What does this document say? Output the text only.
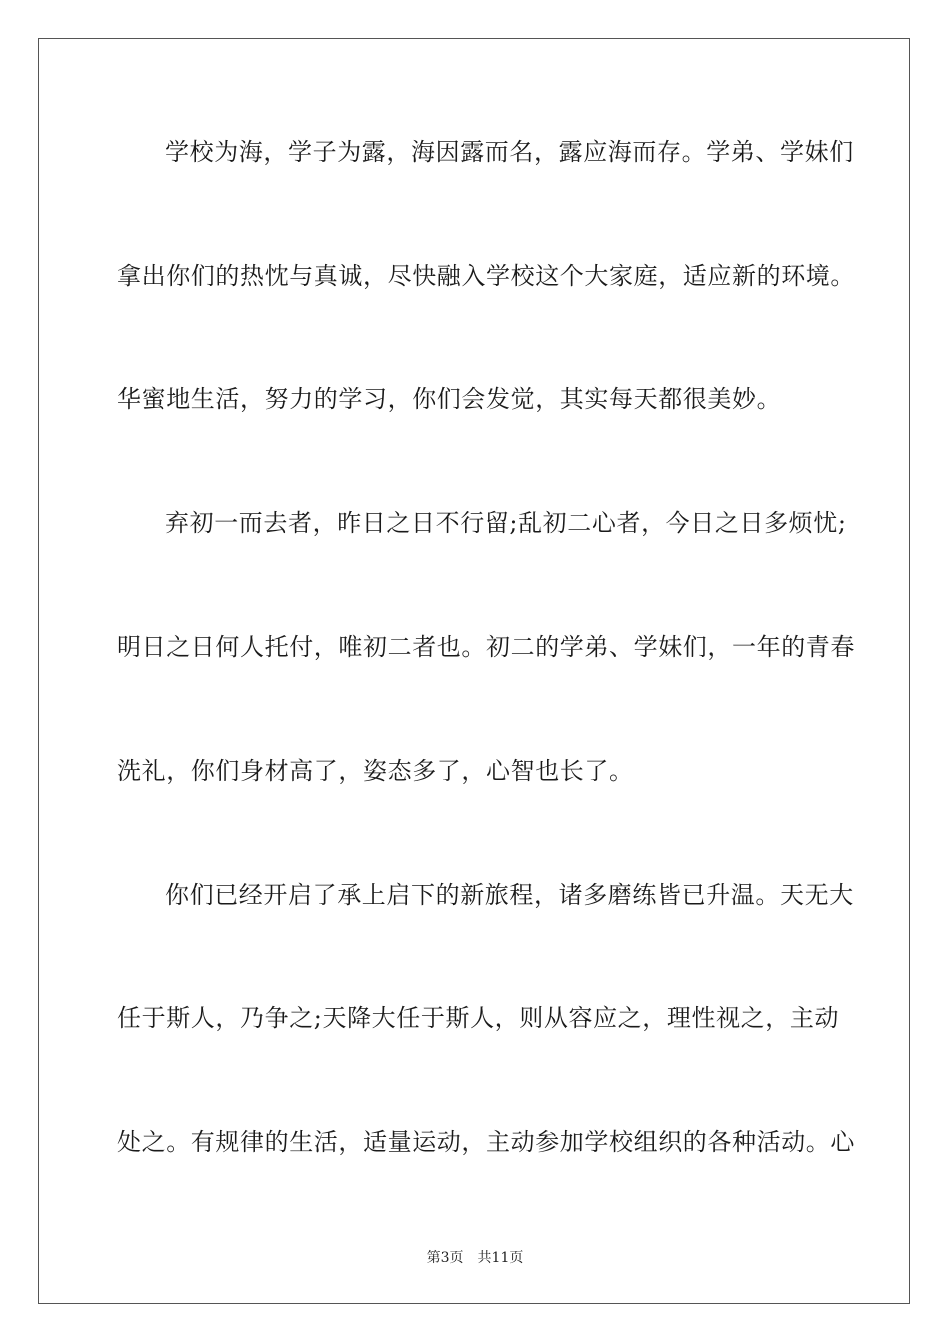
学校为海，学子为露，海因露而名，露应海而存。学弟、学妹们
拿出你们的热忱与真诚，尽快融入学校这个大家庭，适应新的环境。
华蜜地生活，努力的学习，你们会发觉，其实每天都很美妙。
弃初一而去者，昨日之日不行留;乱初二心者，今日之日多烦忧;
明日之日何人托付，唯初二者也。初二的学弟、学妹们，一年的青春
洗礼，你们身材高了，姿态多了，心智也长了。
你们已经开启了承上启下的新旅程，诸多磨练皆已升温。天无大
任于斯人，乃争之;天降大任于斯人，则从容应之，理性视之，主动
处之。有规律的生活，适量运动，主动参加学校组织的各种活动。心
第3页 共11页
